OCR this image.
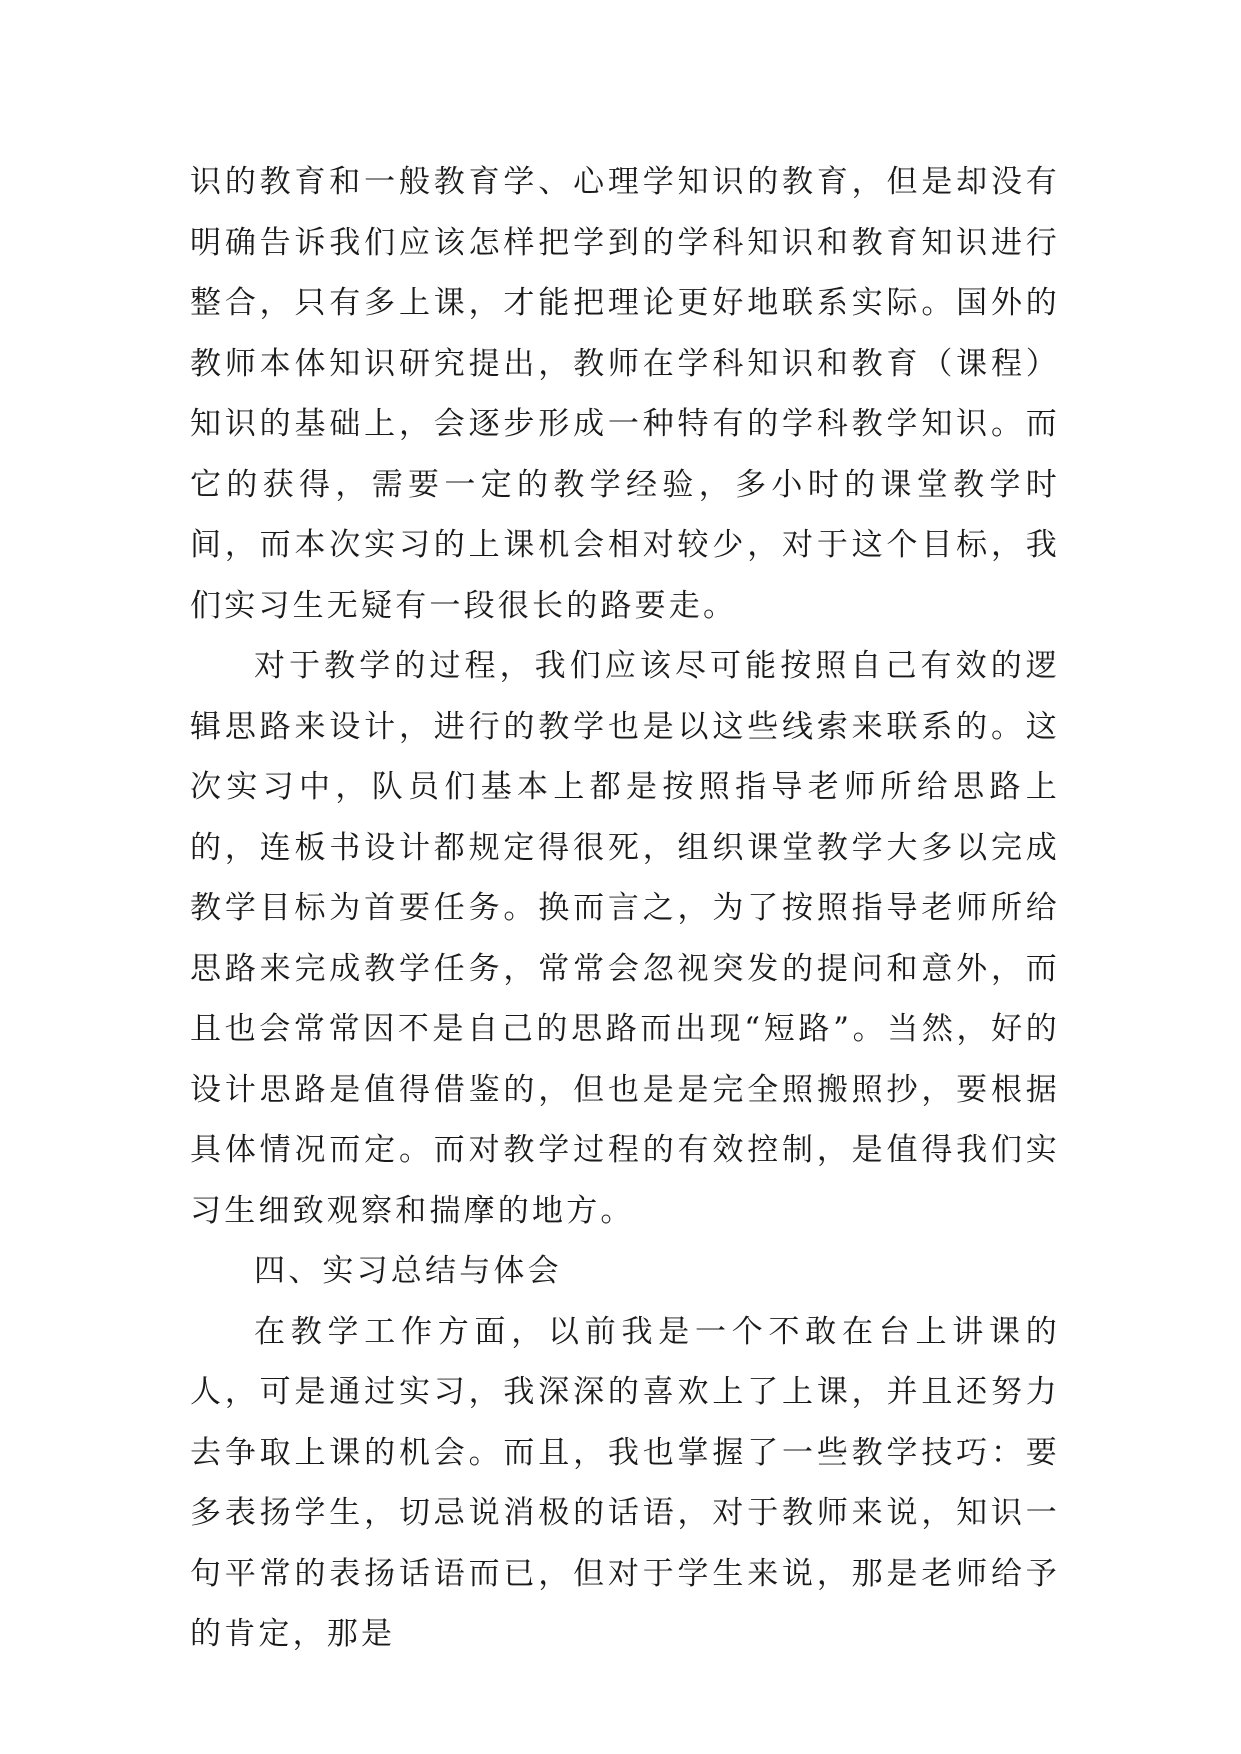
识的教育和一般教育学、心理学知识的教育，但是却没有明确告诉我们应该怎样把学到的学科知识和教育知识进行整合，只有多上课，才能把理论更好地联系实际。国外的教师本体知识研究提出，教师在学科知识和教育（课程）知识的基础上，会逐步形成一种特有的学科教学知识。而它的获得，需要一定的教学经验，多小时的课堂教学时间，而本次实习的上课机会相对较少，对于这个目标，我们实习生无疑有一段很长的路要走。

对于教学的过程，我们应该尽可能按照自己有效的逻辑思路来设计，进行的教学也是以这些线索来联系的。这次实习中，队员们基本上都是按照指导老师所给思路上的，连板书设计都规定得很死，组织课堂教学大多以完成教学目标为首要任务。换而言之，为了按照指导老师所给思路来完成教学任务，常常会忽视突发的提问和意外，而且也会常常因不是自己的思路而出现“短路”。当然，好的设计思路是值得借鉴的，但也是是完全照搬照抄，要根据具体情况而定。而对教学过程的有效控制，是值得我们实习生细致观察和揣摩的地方。

四、实习总结与体会

在教学工作方面，以前我是一个不敢在台上讲课的人，可是通过实习，我深深的喜欢上了上课，并且还努力去争取上课的机会。而且，我也掌握了一些教学技巧：要多表扬学生，切忌说消极的话语，对于教师来说，知识一句平常的表扬话语而已，但对于学生来说，那是老师给予的肯定，那是
